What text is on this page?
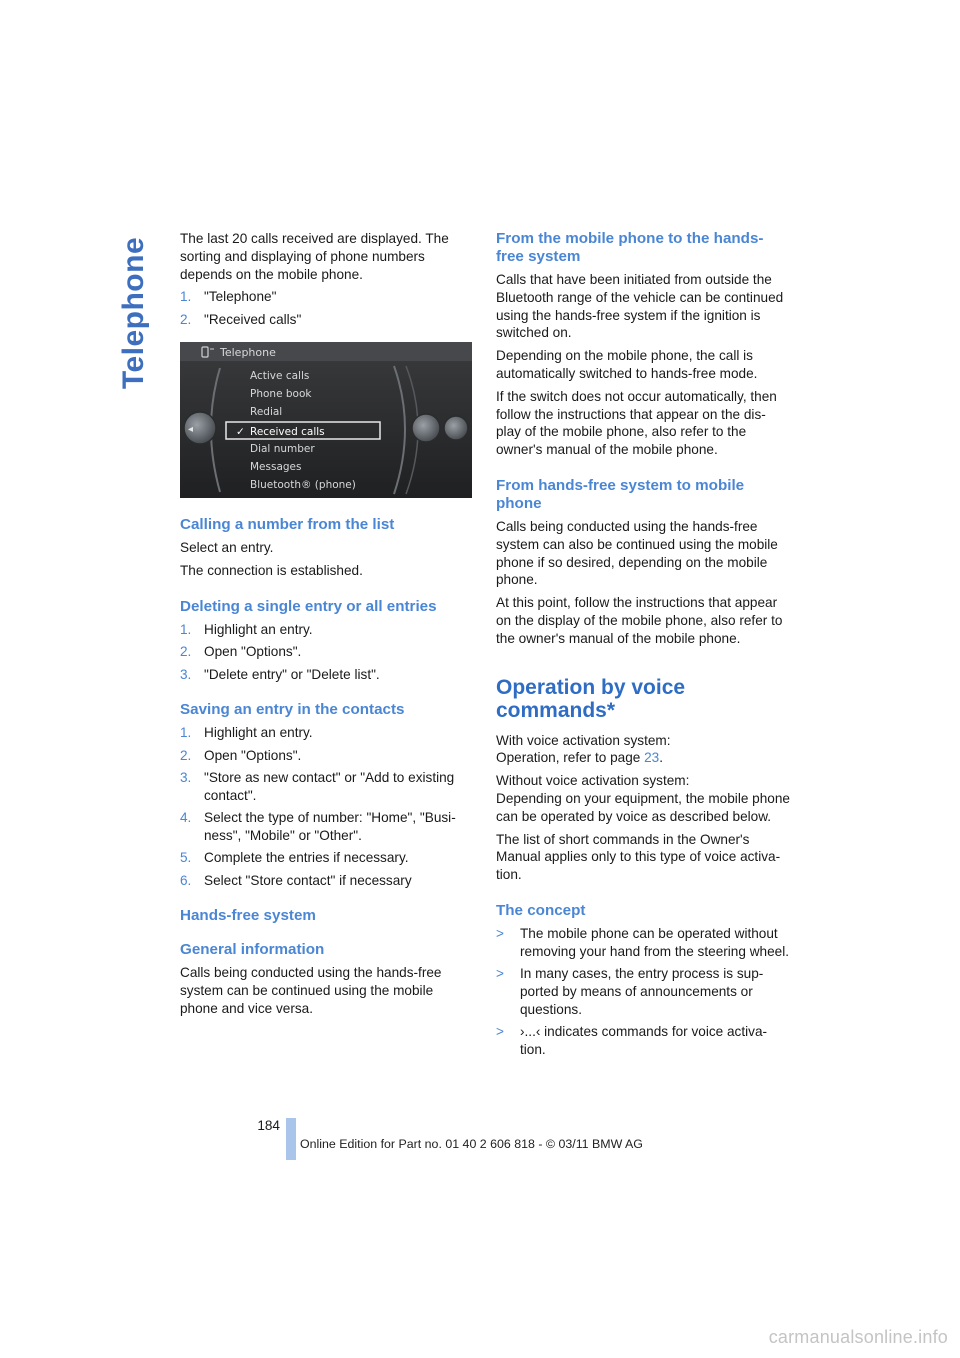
Telephone The last 20 calls received are displayed. The sorting and displaying of phone numbers depends on the mobile phone.

1. "Telephone"
2. "Received calls"
Telephone
◂
Active calls
Phone book
Redial
✓ Received calls
Dial number
Messages
Bluetooth® (phone)
Calling a number from the list

Select an entry.

The connection is established.

Deleting a single entry or all entries
1. Highlight an entry.
2. Open "Options".
3. "Delete entry" or "Delete list".
Saving an entry in the contacts
1. Highlight an entry.
2. Open "Options".
3. "Store as new contact" or "Add to existing contact".
4. Select the type of number: "Home", "Busi-ness", "Mobile" or "Other".
5. Complete the entries if necessary.
6. Select "Store contact" if necessary
Hands-free system
General information

Calls being conducted using the hands-free system can be continued using the mobile phone and vice versa.

From the mobile phone to the hands-free system

Calls that have been initiated from outside the Bluetooth range of the vehicle can be continued using the hands-free system if the ignition is switched on.

Depending on the mobile phone, the call is automatically switched to hands-free mode.

If the switch does not occur automatically, then follow the instructions that appear on the dis-play of the mobile phone, also refer to the owner's manual of the mobile phone.

From hands-free system to mobile phone

Calls being conducted using the hands-free system can also be continued using the mobile phone if so desired, depending on the mobile phone.

At this point, follow the instructions that appear on the display of the mobile phone, also refer to the owner's manual of the mobile phone.

Operation by voice commands*

With voice activation system:
Operation, refer to page 23.

Without voice activation system:
Depending on your equipment, the mobile phone can be operated by voice as described below.

The list of short commands in the Owner's Manual applies only to this type of voice activa-tion.

The concept
> The mobile phone can be operated without removing your hand from the steering wheel.
> In many cases, the entry process is sup-ported by means of announcements or questions.
> ›...‹ indicates commands for voice activa-tion.
184
Online Edition for Part no. 01 40 2 606 818 - © 03/11 BMW AG
carmanualsonline.info
